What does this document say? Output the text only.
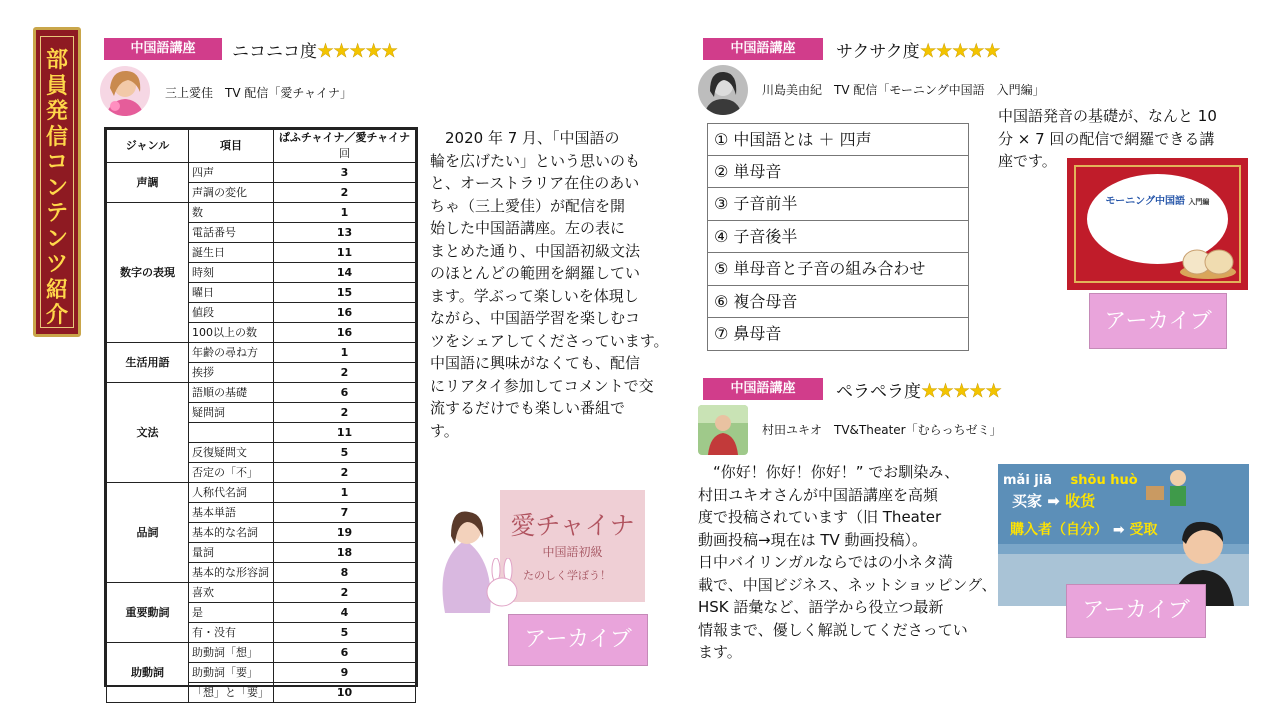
部
員
発
信
コ
ン
テ
ン
ツ
紹
介
中国語講座	ニコニコ度★★★★★
三上愛佳　TV 配信「愛チャイナ」
ジャンル	項目	ぱふチャイナ／愛チャイナ
		回
声調	四声	3
	声調の変化	2
数字の表現	数	1
	電話番号	13
	誕生日	11
	時刻	14
	曜日	15
	値段	16
	100以上の数	16
生活用語	年齢の尋ね方	1
	挨拶	2
文法	語順の基礎	6
	疑問詞	2
		11
	反復疑問文	5
	否定の「不」	2
品詞	人称代名詞	1
	基本単語	7
	基本的な名詞	19
	量詞	18
	基本的な形容詞	8
重要動詞	喜欢	2
	是	4
	有・没有	5
助動詞	助動詞「想」	6
	助動詞「要」	9
	「想」と「要」	10
　2020 年 7 月、「中国語の
輪を広げたい」という思いのも
と、オーストラリア在住のあい
ちゃ（三上愛佳）が配信を開
始した中国語講座。左の表に
まとめた通り、中国語初級文法
のほとんどの範囲を網羅してい
ます。学ぶって楽しいを体現し
ながら、中国語学習を楽しむコ
ツをシェアしてくださっています。
中国語に興味がなくても、配信
にリアタイ参加してコメントで交
流するだけでも楽しい番組で
す。
愛チャイナ
中国語初級
たのしく学ぼう！
アーカイブ
中国語講座	サクサク度★★★★★
川島美由紀　TV 配信「モーニング中国語　入門編」
① 中国語とは ＋ 四声
② 単母音
③ 子音前半
④ 子音後半
⑤ 単母音と子音の組み合わせ
⑥ 複合母音
⑦ 鼻母音
中国語発音の基礎が、なんと 10
分 × 7 回の配信で網羅できる講
座です。
モーニング中国語 入門編
アーカイブ
中国語講座	ペラペラ度★★★★★
村田ユキオ　TV&Theater「むらっちゼミ」
　“你好！你好！你好！” でお馴染み、
村田ユキオさんが中国語講座を高頻
度で投稿されています（旧 Theater
動画投稿→現在は TV 動画投稿）。
日中バイリンガルならではの小ネタ満
載で、中国ビジネス、ネットショッピング、
HSK 語彙など、語学から役立つ最新
情報まで、優しく解説してくださってい
ます。
mǎi jiā shōu huò
买家 ➡ 收货
購入者（自分） ➡ 受取
アーカイブ
